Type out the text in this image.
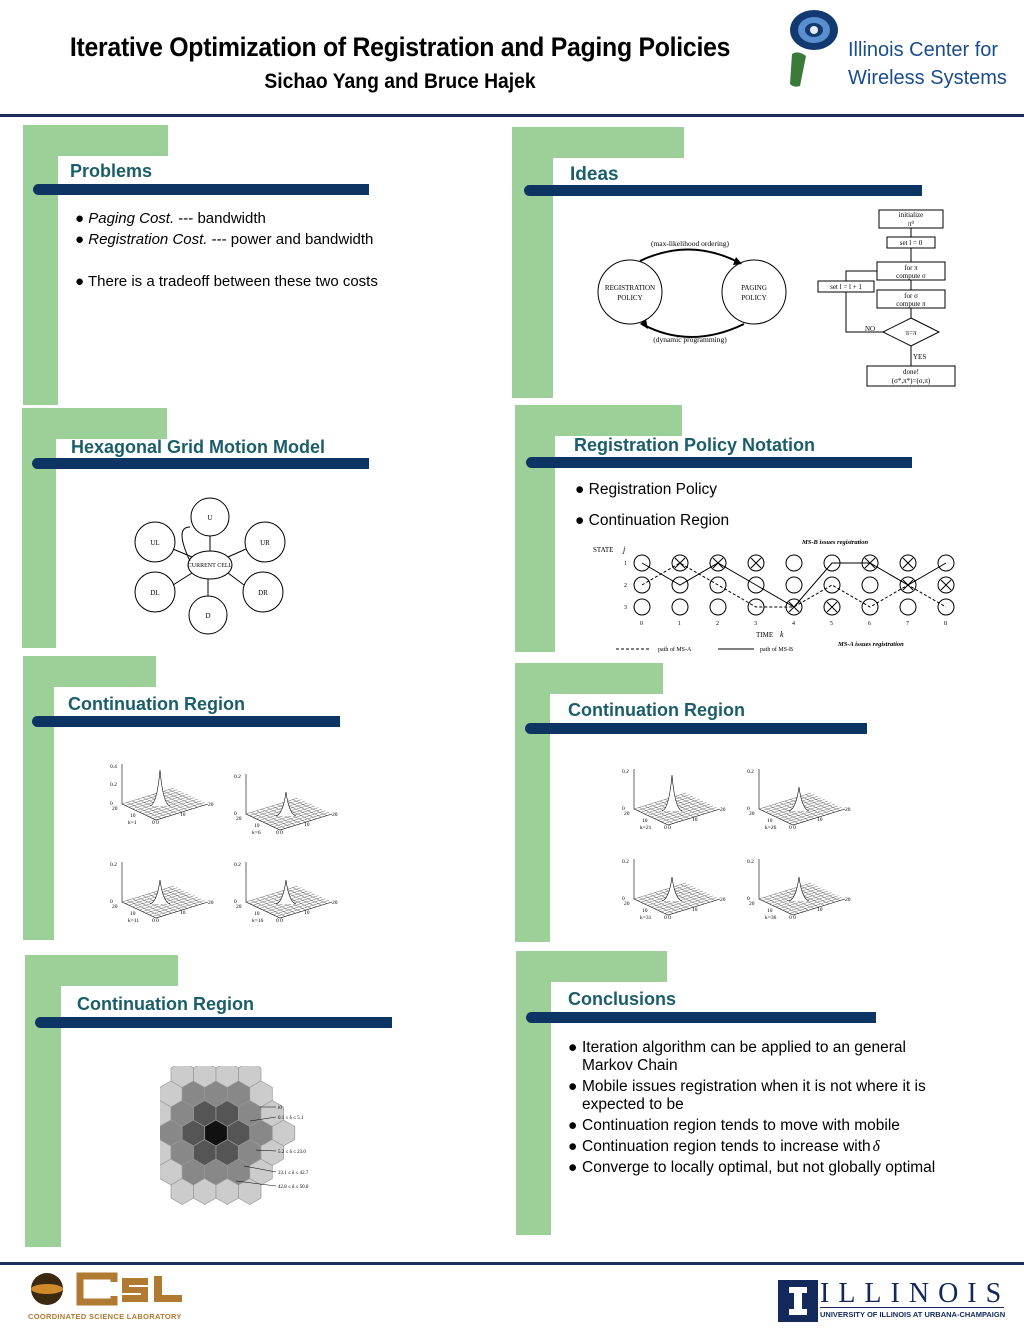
Iterative Optimization of Registration and Paging Policies
Sichao Yang and Bruce Hajek
Illinois Center for
Wireless Systems
Problems
● Paging Cost. --- bandwidth
● Registration Cost. --- power and bandwidth
● There is a tradeoff between these two costs
Ideas
(max-likelihood ordering)
(dynamic programming)
REGISTRATION
POLICY
PAGING
POLICY
initialize
π⁰
set l = 0
for π
compute σ
for σ
compute π
set l = l + 1
π=π
NO
YES
done!
(σ*,π*)=(σ,π)
Hexagonal Grid Motion Model
U
UL	UR
DL	DR
D
CURRENT CELL
Registration Policy Notation
● Registration Policy
● Continuation Region
STATE j
MS-B issues registration
MS-A issues registration
TIME k
1
2
3
0	1	2	3	4	5	6	7	8
path of MS-A	path of MS-B
Continuation Region
0.4
0.2
0
20
10
0 0
10
20
k=1
0.2
0
20
10
0 0
10
20
k=6
0.2
0
20
10
0 0
10
20
k=11
0.2
0
20
10
0 0
10
20
k=16
Continuation Region
0.2
0
20
10
0 0
10
20
k=21
0.2
0
20
10
0 0
10
20
k=26
0.2
0
20
10
0 0
10
20
k=31
0.2
0
20
10
0 0
10
20
k=36
Continuation Region
i0
0.1 ≤ δ ≤ 5.1
5.2 ≤ δ ≤ 23.0
23.1 ≤ δ ≤ 42.7
42.8 ≤ δ ≤ 50.0
Conclusions
● Iteration algorithm can be applied to an general Markov Chain
● Mobile issues registration when it is not where it is expected to be
● Continuation region tends to move with mobile
● Continuation region tends to increase with δ
● Converge to locally optimal, but not globally optimal
COORDINATED SCIENCE LABORATORY
ILLINOIS
UNIVERSITY OF ILLINOIS AT URBANA-CHAMPAIGN
